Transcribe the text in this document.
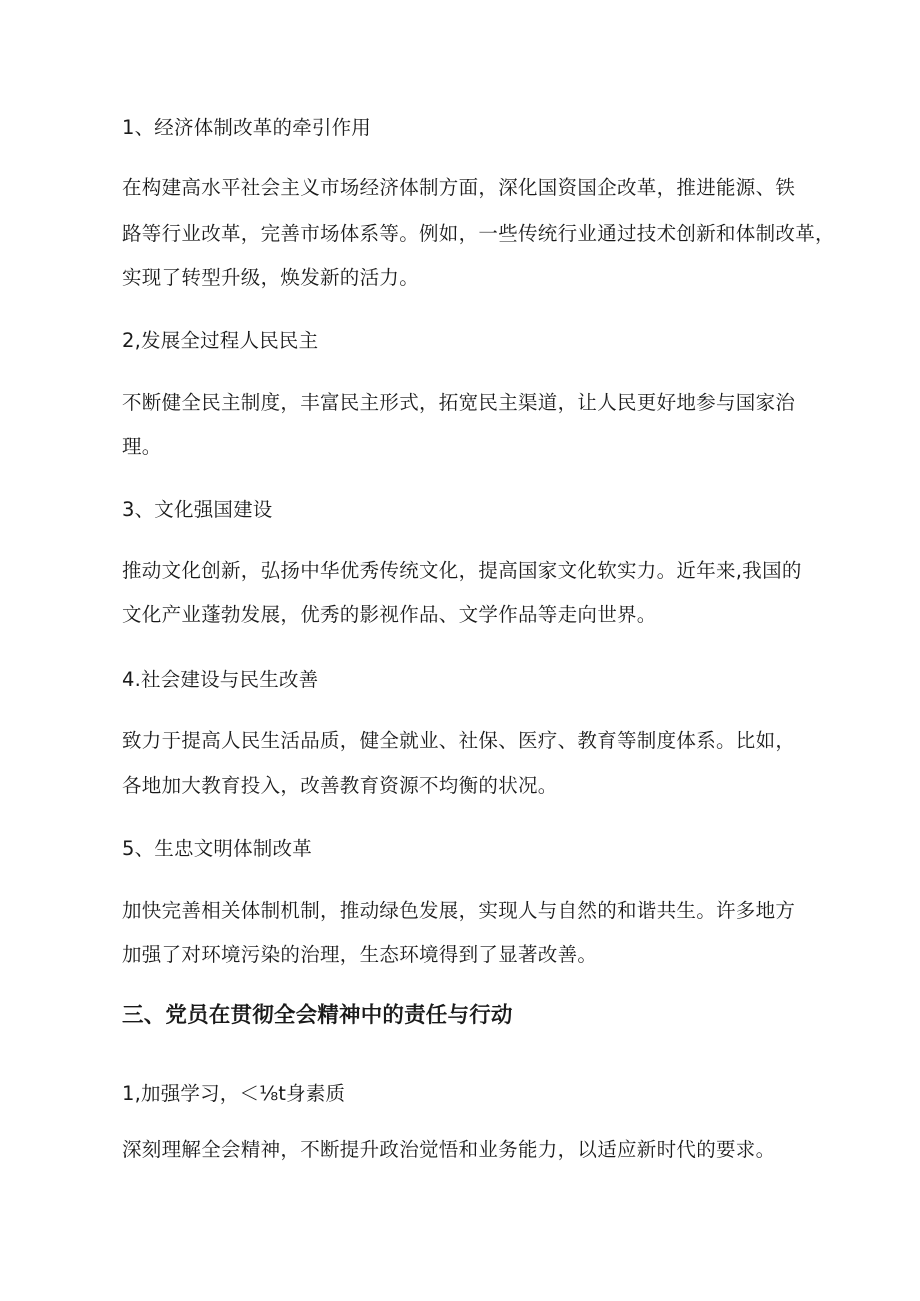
1、经济体制改革的牵引作用
在构建高水平社会主义市场经济体制方面，深化国资国企改革，推进能源、铁
路等行业改革，完善市场体系等。例如，一些传统行业通过技术创新和体制改革，
实现了转型升级，焕发新的活力。
2,发展全过程人民民主
不断健全民主制度，丰富民主形式，拓宽民主渠道，让人民更好地参与国家治
理。
3、文化强国建设
推动文化创新，弘扬中华优秀传统文化，提高国家文化软实力。近年来,我国的
文化产业蓬勃发展，优秀的影视作品、文学作品等走向世界。
4.社会建设与民生改善
致力于提高人民生活品质，健全就业、社保、医疗、教育等制度体系。比如，
各地加大教育投入，改善教育资源不均衡的状况。
5、生忠文明体制改革
加快完善相关体制机制，推动绿色发展，实现人与自然的和谐共生。许多地方
加强了对环境污染的治理，生态环境得到了显著改善。
三、党员在贯彻全会精神中的责任与行动
1,加强学习，＜⅛t身素质
深刻理解全会精神，不断提升政治觉悟和业务能力，以适应新时代的要求。
